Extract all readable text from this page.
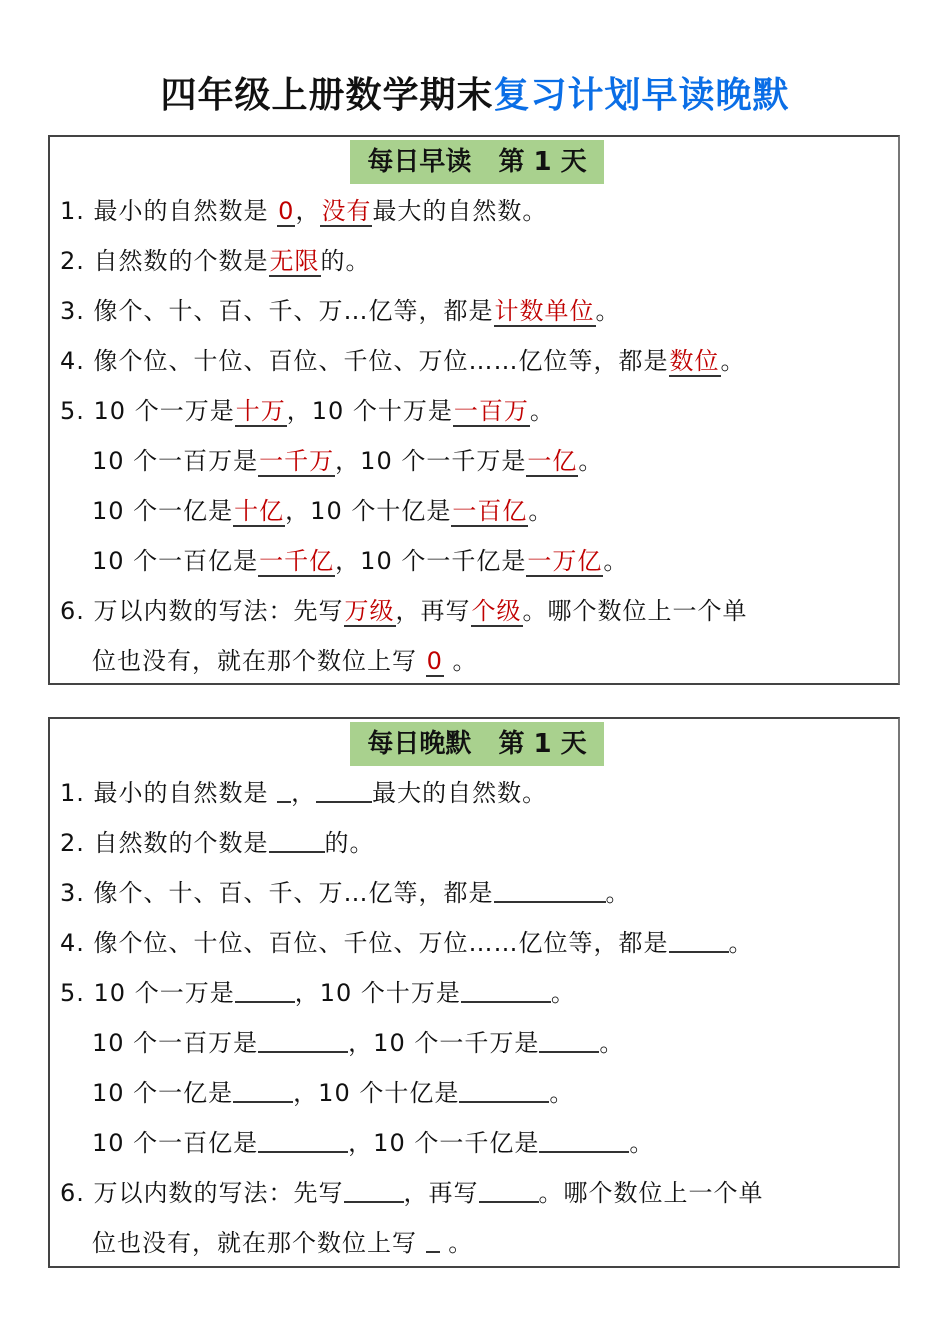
四年级上册数学期末复习计划早读晚默
每日早读   第 1 天
1. 最小的自然数是 0，没有最大的自然数。
2. 自然数的个数是无限的。
3. 像个、十、百、千、万…亿等，都是计数单位。
4. 像个位、十位、百位、千位、万位……亿位等，都是数位。
5. 10 个一万是十万，10 个十万是一百万。
10 个一百万是一千万，10 个一千万是一亿。
10 个一亿是十亿，10 个十亿是一百亿。
10 个一百亿是一千亿，10 个一千亿是一万亿。
6. 万以内数的写法：先写万级，再写个级。哪个数位上一个单
位也没有，就在那个数位上写 0 。
每日晚默   第 1 天
1. 最小的自然数是 ， 最大的自然数。
2. 自然数的个数是 的。
3. 像个、十、百、千、万…亿等，都是	。
4. 像个位、十位、百位、千位、万位……亿位等，都是	。
5. 10 个一万是	，10 个十万是	。
10 个一百万是	，10 个一千万是	。
10 个一亿是	，10 个十亿是	。
10 个一百亿是	，10 个一千亿是	。
6. 万以内数的写法：先写	，再写	。哪个数位上一个单
位也没有，就在那个数位上写  。
